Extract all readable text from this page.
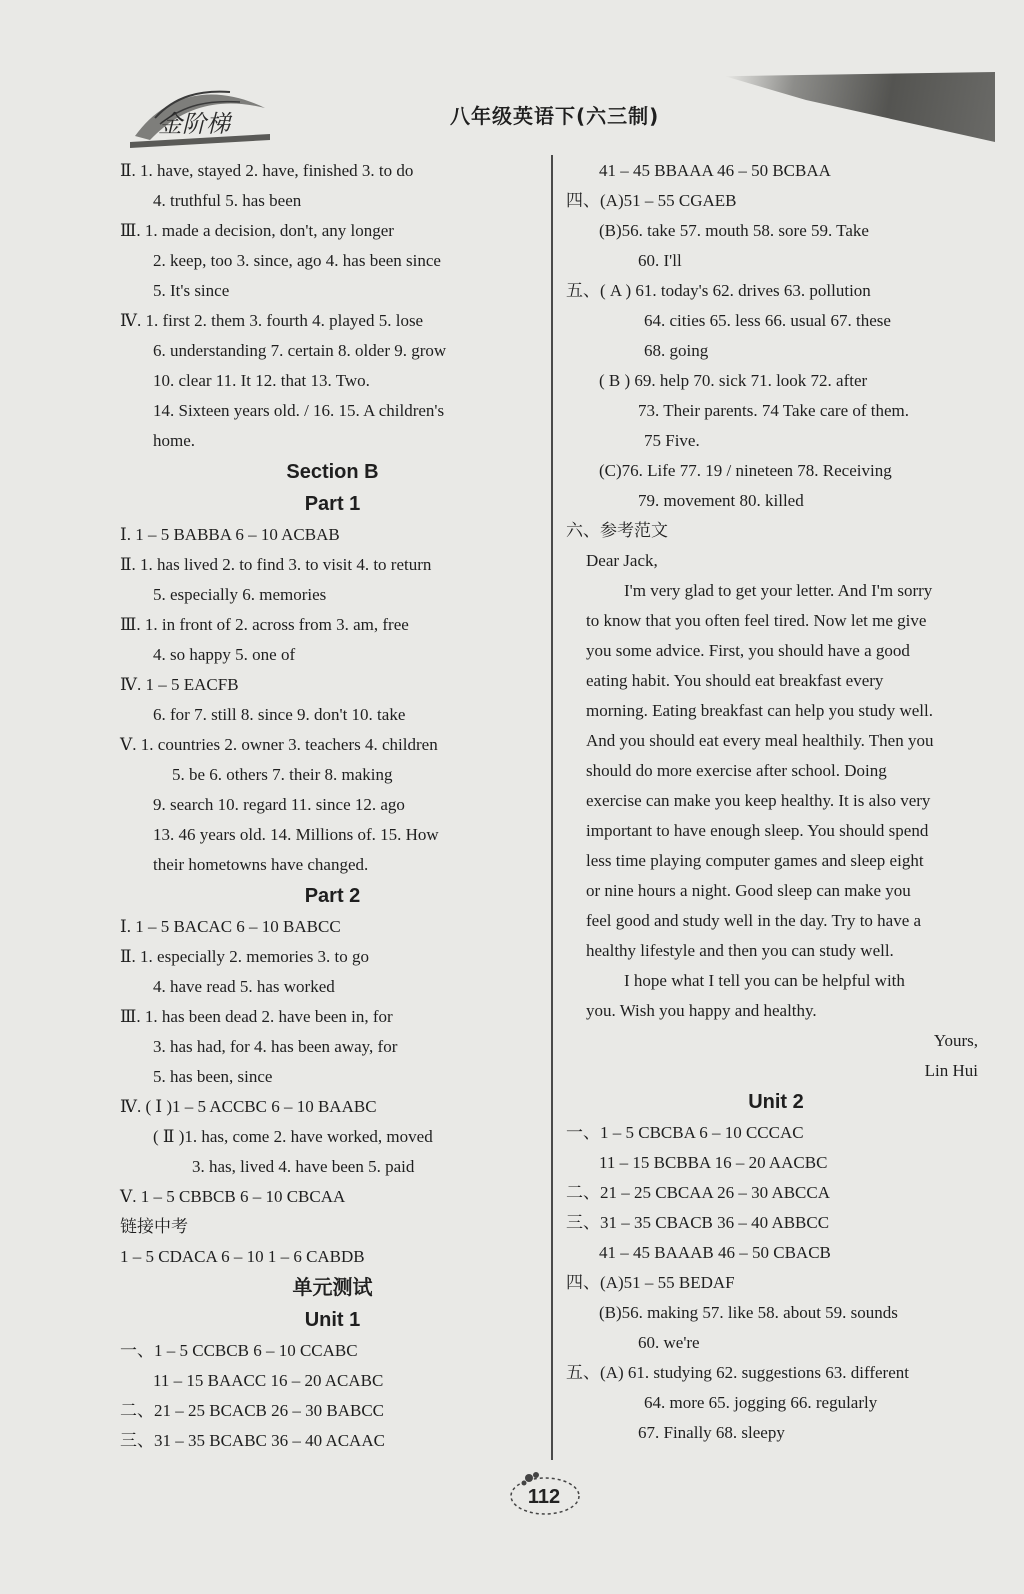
金阶梯	八年级英语下(六三制)
Ⅱ. 1. have, stayed 2. have, finished 3. to do
4. truthful 5. has been
Ⅲ. 1. made a decision, don't, any longer
2. keep, too 3. since, ago 4. has been since
5. It's since
Ⅳ. 1. first 2. them 3. fourth 4. played 5. lose
6. understanding 7. certain 8. older 9. grow
10. clear 11. It 12. that 13. Two.
14. Sixteen years old. / 16. 15. A children's
home.
Section B
Part 1
Ⅰ. 1 – 5 BABBA 6 – 10 ACBAB
Ⅱ. 1. has lived 2. to find 3. to visit 4. to return
5. especially 6. memories
Ⅲ. 1. in front of 2. across from 3. am, free
4. so happy 5. one of
Ⅳ. 1 – 5 EACFB
6. for 7. still 8. since 9. don't 10. take
Ⅴ. 1. countries 2. owner 3. teachers 4. children
5. be 6. others 7. their 8. making
9. search 10. regard 11. since 12. ago
13. 46 years old. 14. Millions of. 15. How
their hometowns have changed.
Part 2
Ⅰ. 1 – 5 BACAC 6 – 10 BABCC
Ⅱ. 1. especially 2. memories 3. to go
4. have read 5. has worked
Ⅲ. 1. has been dead 2. have been in, for
3. has had, for 4. has been away, for
5. has been, since
Ⅳ. ( Ⅰ )1 – 5 ACCBC 6 – 10 BAABC
( Ⅱ )1. has, come 2. have worked, moved
3. has, lived 4. have been 5. paid
Ⅴ. 1 – 5 CBBCB 6 – 10 CBCAA
链接中考
1 – 5 CDACA 6 – 10 1 – 6 CABDB
单元测试
Unit 1
一、1 – 5 CCBCB 6 – 10 CCABC
11 – 15 BAACC 16 – 20 ACABC
二、21 – 25 BCACB 26 – 30 BABCC
三、31 – 35 BCABC 36 – 40 ACAAC
41 – 45 BBAAA 46 – 50 BCBAA
四、(A)51 – 55 CGAEB
(B)56. take 57. mouth 58. sore 59. Take
60. I'll
五、( A ) 61. today's 62. drives 63. pollution
64. cities 65. less 66. usual 67. these
68. going
( B ) 69. help 70. sick 71. look 72. after
73. Their parents. 74 Take care of them.
75 Five.
(C)76. Life 77. 19 / nineteen 78. Receiving
79. movement 80. killed
六、参考范文
Dear Jack,
I'm very glad to get your letter. And I'm sorry
to know that you often feel tired. Now let me give
you some advice. First, you should have a good
eating habit. You should eat breakfast every
morning. Eating breakfast can help you study well.
And you should eat every meal healthily. Then you
should do more exercise after school. Doing
exercise can make you keep healthy. It is also very
important to have enough sleep. You should spend
less time playing computer games and sleep eight
or nine hours a night. Good sleep can make you
feel good and study well in the day. Try to have a
healthy lifestyle and then you can study well.
I hope what I tell you can be helpful with
you. Wish you happy and healthy.
Yours,
Lin Hui
Unit 2
一、1 – 5 CBCBA 6 – 10 CCCAC
11 – 15 BCBBA 16 – 20 AACBC
二、21 – 25 CBCAA 26 – 30 ABCCA
三、31 – 35 CBACB 36 – 40 ABBCC
41 – 45 BAAAB 46 – 50 CBACB
四、(A)51 – 55 BEDAF
(B)56. making 57. like 58. about 59. sounds
60. we're
五、(A) 61. studying 62. suggestions 63. different
64. more 65. jogging 66. regularly
67. Finally 68. sleepy
112
